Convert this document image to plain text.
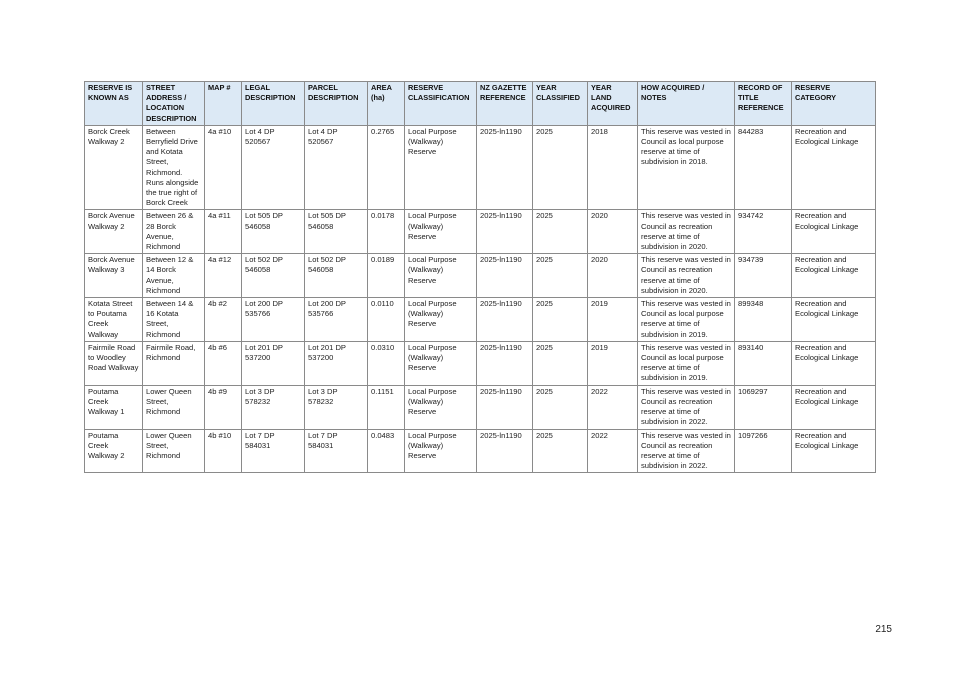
RESERVE IS KNOWN AS	STREET ADDRESS / LOCATION DESCRIPTION	MAP #	LEGAL DESCRIPTION	PARCEL DESCRIPTION	AREA (ha)	RESERVE CLASSIFICATION	NZ GAZETTE REFERENCE	YEAR CLASSIFIED	YEAR LAND ACQUIRED	HOW ACQUIRED / NOTES	RECORD OF TITLE REFERENCE	RESERVE CATEGORY
Borck Creek Walkway 2	Between Berryfield Drive and Kotata Street, Richmond. Runs alongside the true right of Borck Creek	4a #10	Lot 4 DP 520567	Lot 4 DP 520567	0.2765	Local Purpose (Walkway) Reserve	2025-ln1190	2025	2018	This reserve was vested in Council as local purpose reserve at time of subdivision in 2018.	844283	Recreation and Ecological Linkage
Borck Avenue Walkway 2	Between 26 & 28 Borck Avenue, Richmond	4a #11	Lot 505 DP 546058	Lot 505 DP 546058	0.0178	Local Purpose (Walkway) Reserve	2025-ln1190	2025	2020	This reserve was vested in Council as recreation reserve at time of subdivision in 2020.	934742	Recreation and Ecological Linkage
Borck Avenue Walkway 3	Between 12 & 14 Borck Avenue, Richmond	4a #12	Lot 502 DP 546058	Lot 502 DP 546058	0.0189	Local Purpose (Walkway) Reserve	2025-ln1190	2025	2020	This reserve was vested in Council as recreation reserve at time of subdivision in 2020.	934739	Recreation and Ecological Linkage
Kotata Street to Poutama Creek Walkway	Between 14 & 16 Kotata Street, Richmond	4b #2	Lot 200 DP 535766	Lot 200 DP 535766	0.0110	Local Purpose (Walkway) Reserve	2025-ln1190	2025	2019	This reserve was vested in Council as local purpose reserve at time of subdivision in 2019.	899348	Recreation and Ecological Linkage
Fairmile Road to Woodley Road Walkway	Fairmile Road, Richmond	4b #6	Lot 201 DP 537200	Lot 201 DP 537200	0.0310	Local Purpose (Walkway) Reserve	2025-ln1190	2025	2019	This reserve was vested in Council as local purpose reserve at time of subdivision in 2019.	893140	Recreation and Ecological Linkage
Poutama Creek Walkway 1	Lower Queen Street, Richmond	4b #9	Lot 3 DP 578232	Lot 3 DP 578232	0.1151	Local Purpose (Walkway) Reserve	2025-ln1190	2025	2022	This reserve was vested in Council as recreation reserve at time of subdivision in 2022.	1069297	Recreation and Ecological Linkage
Poutama Creek Walkway 2	Lower Queen Street, Richmond	4b #10	Lot 7 DP 584031	Lot 7 DP 584031	0.0483	Local Purpose (Walkway) Reserve	2025-ln1190	2025	2022	This reserve was vested in Council as recreation reserve at time of subdivision in 2022.	1097266	Recreation and Ecological Linkage
215
